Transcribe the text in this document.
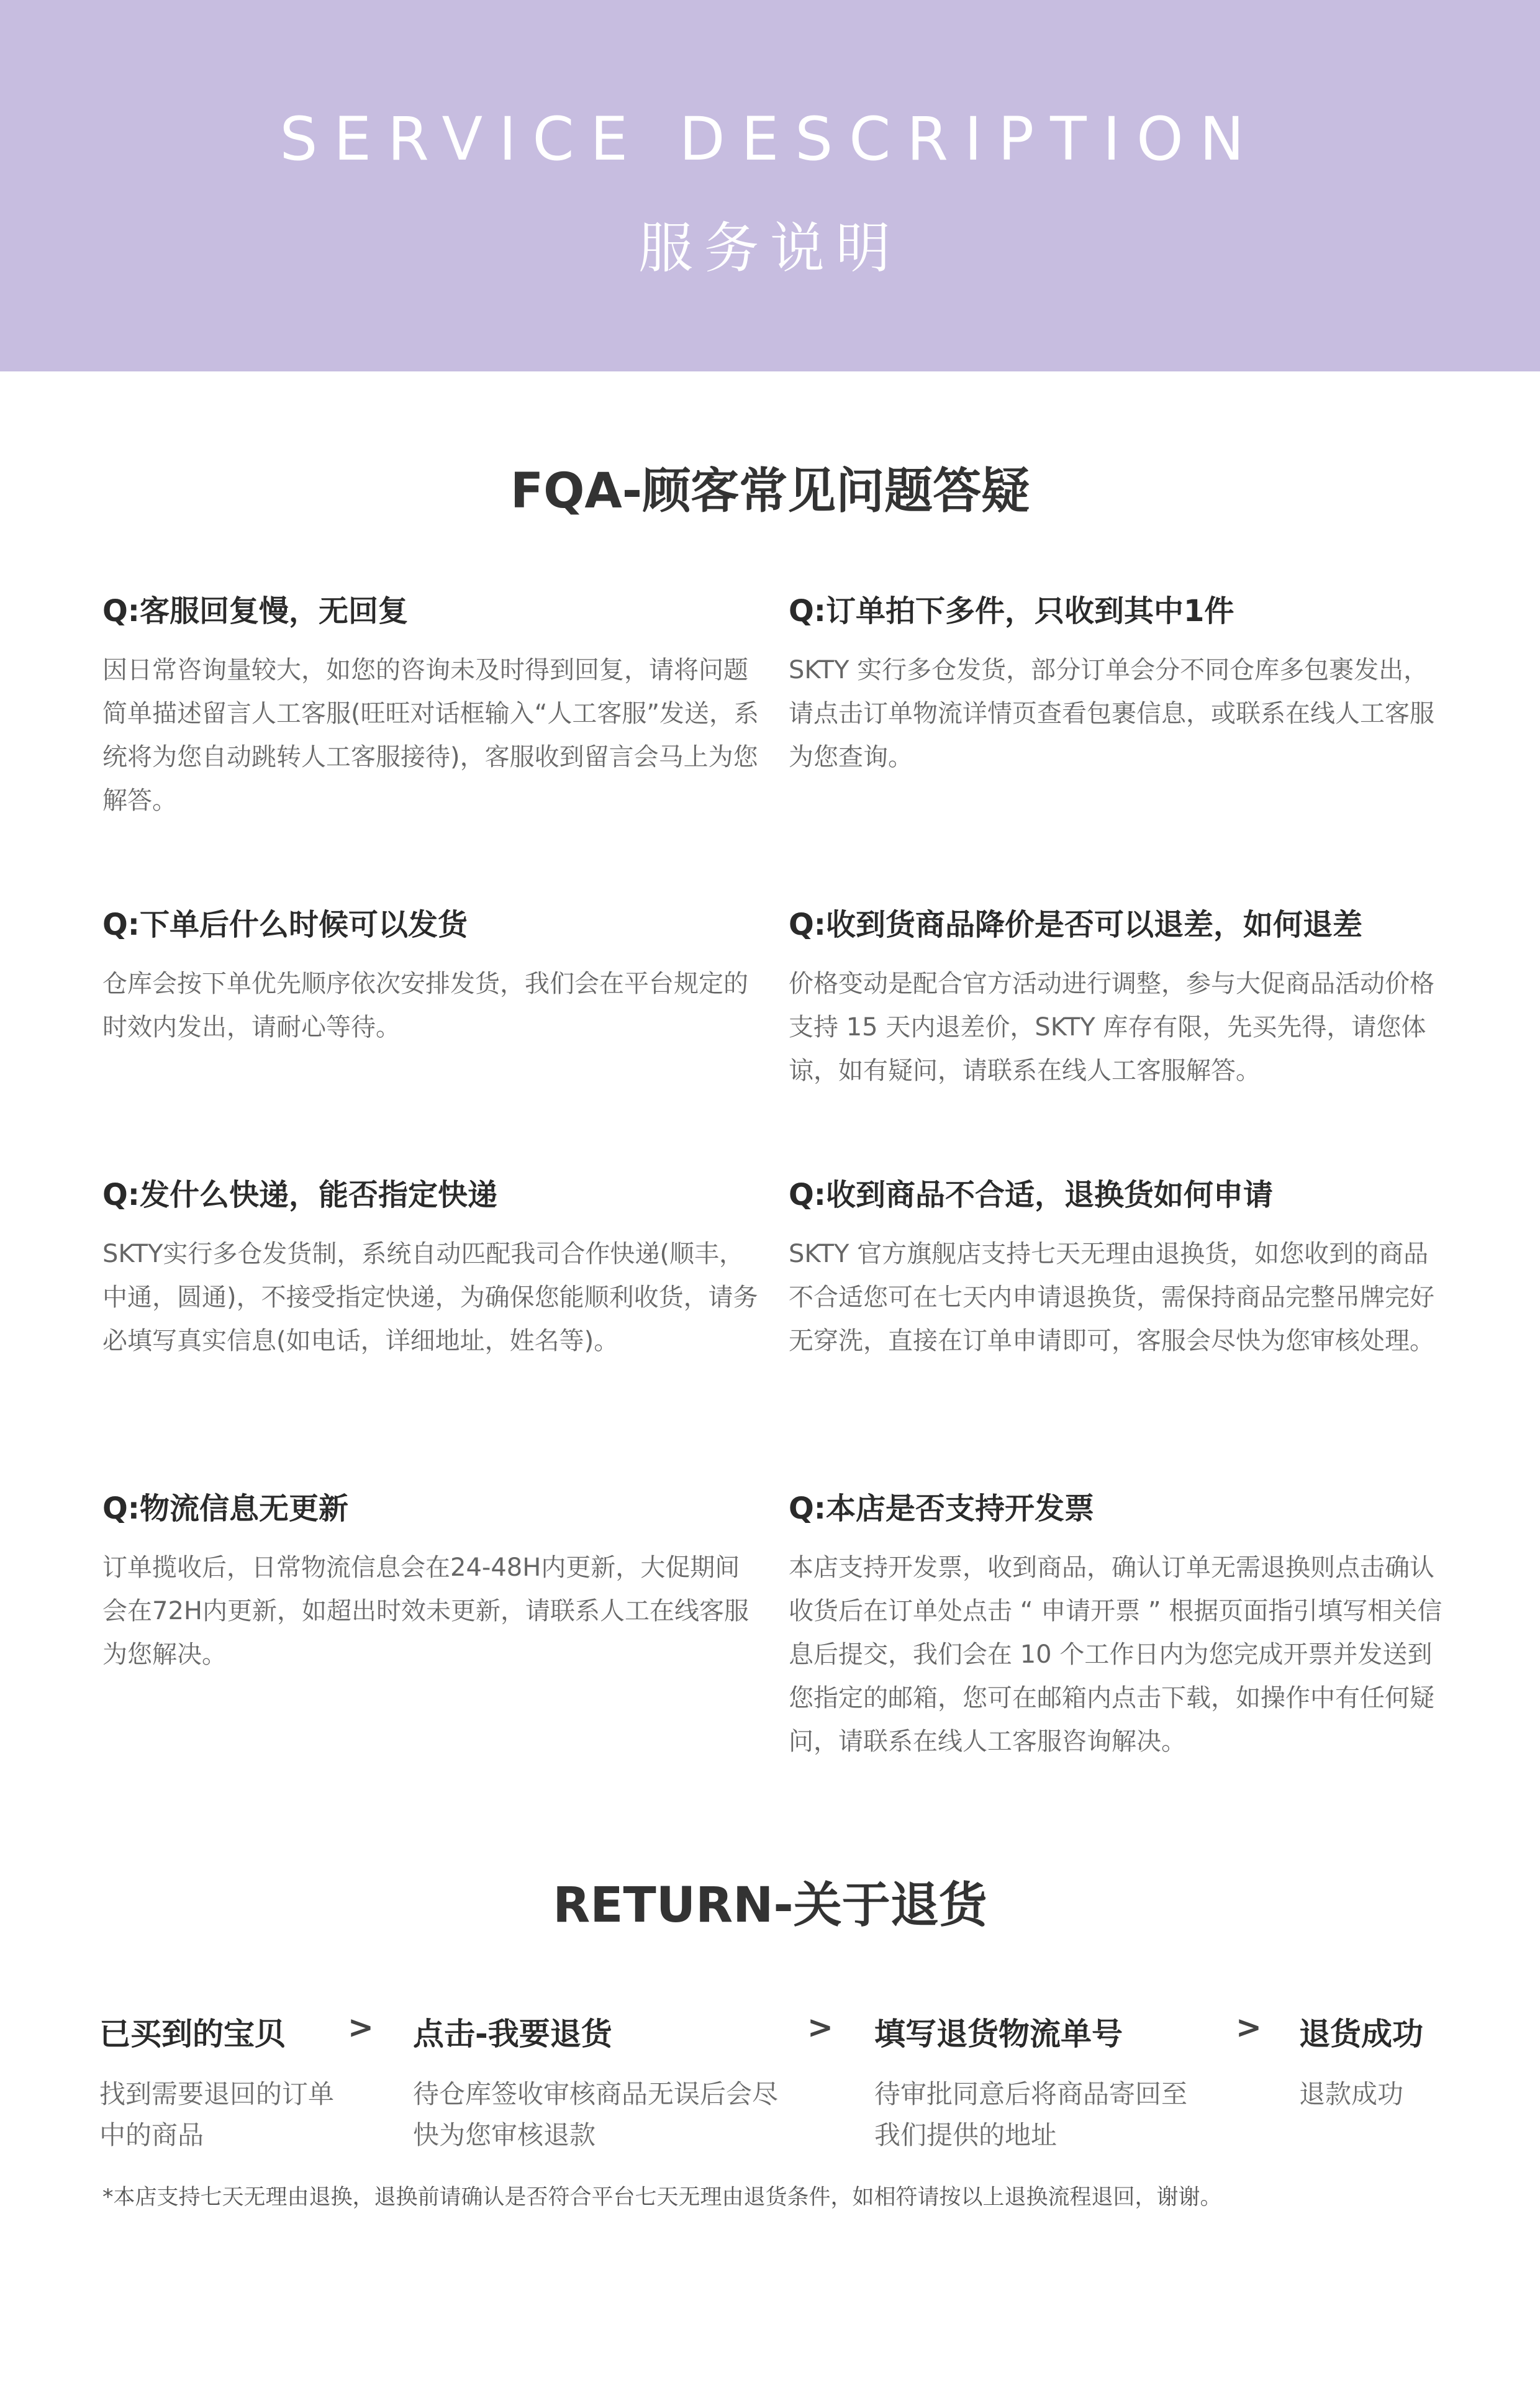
SERVICE DESCRIPTION
服务说明
FQA-顾客常见问题答疑

Q:客服回复慢，无回复

因日常咨询量较大，如您的咨询未及时得到回复，请将问题简单描述留言人工客服(旺旺对话框输入“人工客服”发送，系统将为您自动跳转人工客服接待)，客服收到留言会马上为您解答。

Q:订单拍下多件，只收到其中1件

SKTY 实行多仓发货，部分订单会分不同仓库多包裹发出，请点击订单物流详情页查看包裹信息，或联系在线人工客服为您查询。

Q:下单后什么时候可以发货

仓库会按下单优先顺序依次安排发货，我们会在平台规定的时效内发出，请耐心等待。

Q:收到货商品降价是否可以退差，如何退差

价格变动是配合官方活动进行调整，参与大促商品活动价格支持 15 天内退差价，SKTY 库存有限，先买先得，请您体谅，如有疑问，请联系在线人工客服解答。

Q:发什么快递，能否指定快递

SKTY实行多仓发货制，系统自动匹配我司合作快递(顺丰，中通，圆通)，不接受指定快递，为确保您能顺利收货，请务必填写真实信息(如电话，详细地址，姓名等)。

Q:收到商品不合适，退换货如何申请

SKTY 官方旗舰店支持七天无理由退换货，如您收到的商品不合适您可在七天内申请退换货，需保持商品完整吊牌完好无穿洗，直接在订单申请即可，客服会尽快为您审核处理。

Q:物流信息无更新

订单揽收后，日常物流信息会在24-48H内更新，大促期间会在72H内更新，如超出时效未更新，请联系人工在线客服为您解决。

Q:本店是否支持开发票

本店支持开发票，收到商品，确认订单无需退换则点击确认收货后在订单处点击 “ 申请开票 ” 根据页面指引填写相关信息后提交，我们会在 10 个工作日内为您完成开票并发送到您指定的邮箱，您可在邮箱内点击下载，如操作中有任何疑问，请联系在线人工客服咨询解决。

RETURN-关于退货
已买到的宝贝
找到需要退回的订单中的商品
> 点击-我要退货
待仓库签收审核商品无误后会尽快为您审核退款
> 填写退货物流单号
待审批同意后将商品寄回至我们提供的地址
> 退货成功
退款成功
*本店支持七天无理由退换，退换前请确认是否符合平台七天无理由退货条件，如相符请按以上退换流程退回，谢谢。
